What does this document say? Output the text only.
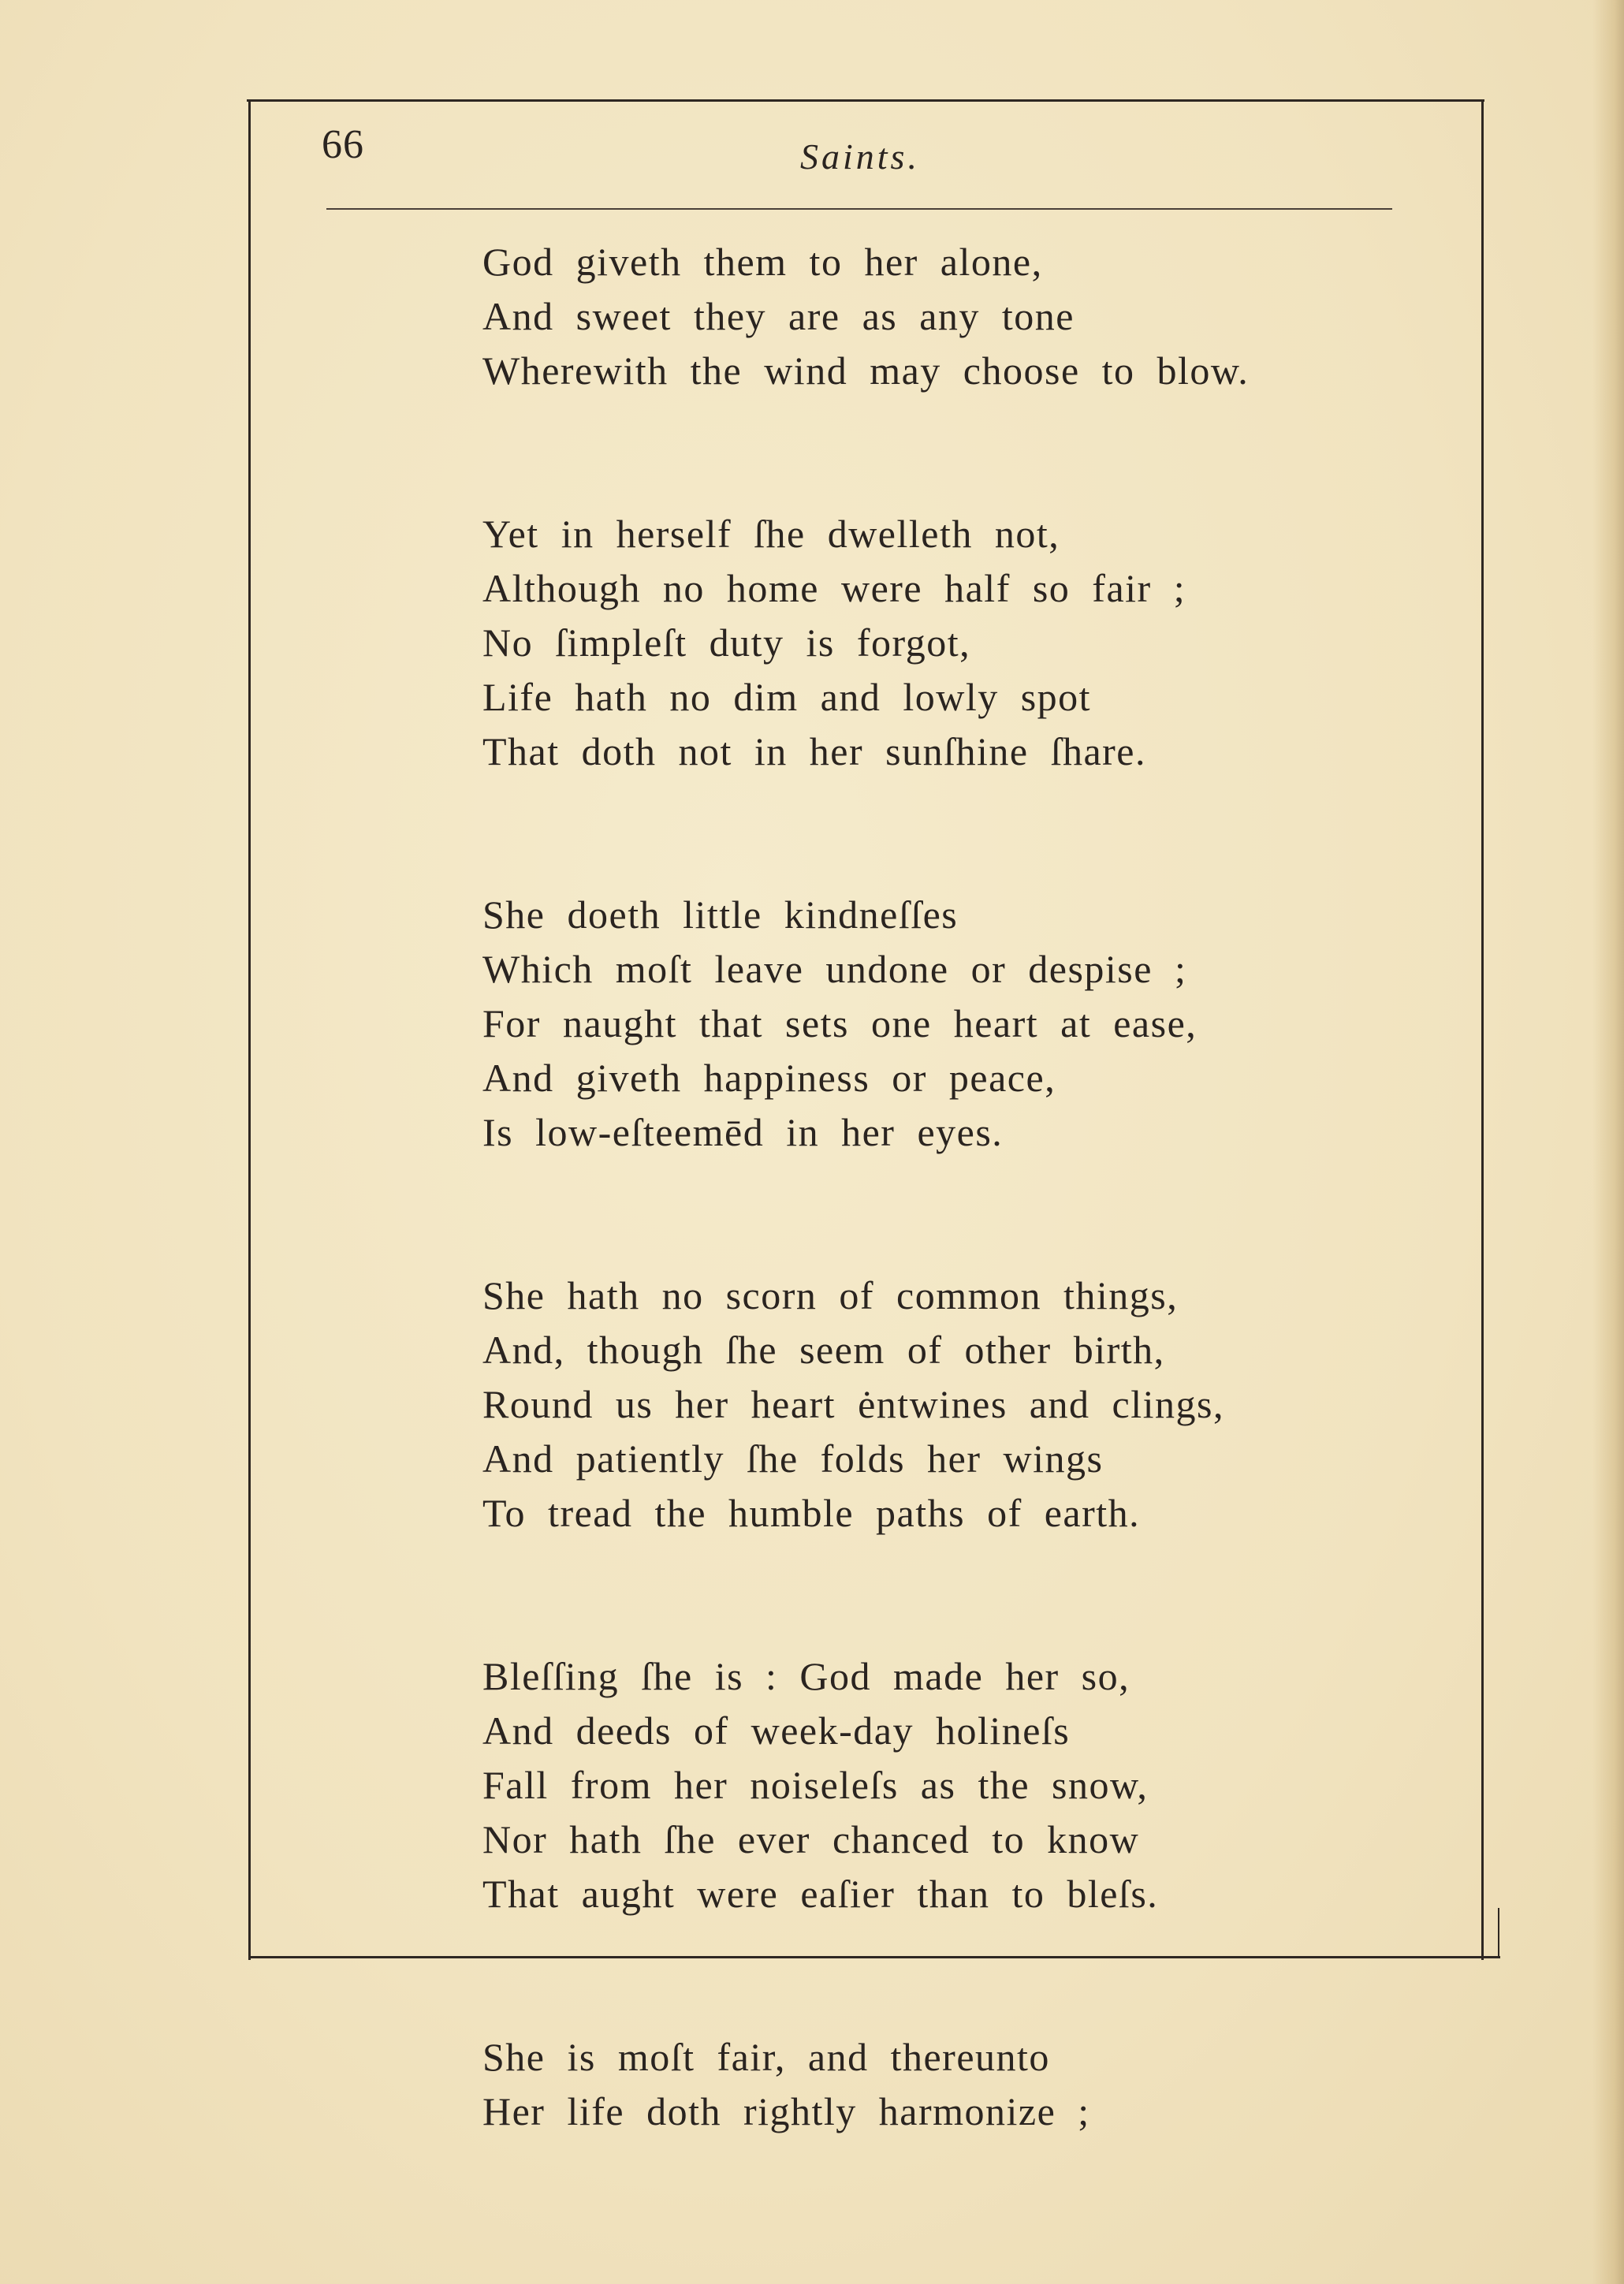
66	Saints.
God giveth them to her alone,
And sweet they are as any tone
Wherewith the wind may choose to blow.
Yet in herself ſhe dwelleth not,
Although no home were half so fair ;
No ſimpleſt duty is forgot,
Life hath no dim and lowly spot
That doth not in her sunſhine ſhare.
She doeth little kindneſſes
Which moſt leave undone or despise ;
For naught that sets one heart at ease,
And giveth happiness or peace,
Is low-eſteemēd in her eyes.
She hath no scorn of common things,
And, though ſhe seem of other birth,
Round us her heart ėntwines and clings,
And patiently ſhe folds her wings
To tread the humble paths of earth.
Bleſſing ſhe is : God made her so,
And deeds of week-day holineſs
Fall from her noiseleſs as the snow,
Nor hath ſhe ever chanced to know
That aught were eaſier than to bleſs.
She is moſt fair, and thereunto
Her life doth rightly harmonize ;
